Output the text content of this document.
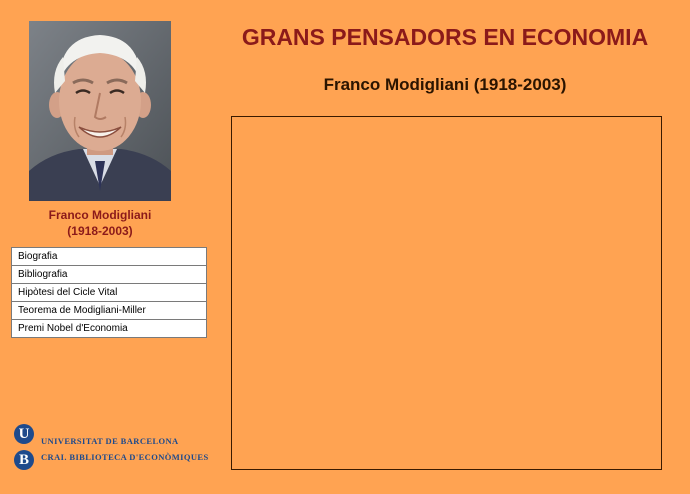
Franco Modigliani
(1918-2003)
Biografia
Bibliografia
Hipòtesi del Cicle Vital
Teorema de Modigliani-Miller
Premi Nobel d'Economia
U
B
UNIVERSITAT DE BARCELONA
CRAI. BIBLIOTECA D'ECONÒMIQUES
GRANS PENSADORS EN ECONOMIA
Franco Modigliani (1918-2003)
